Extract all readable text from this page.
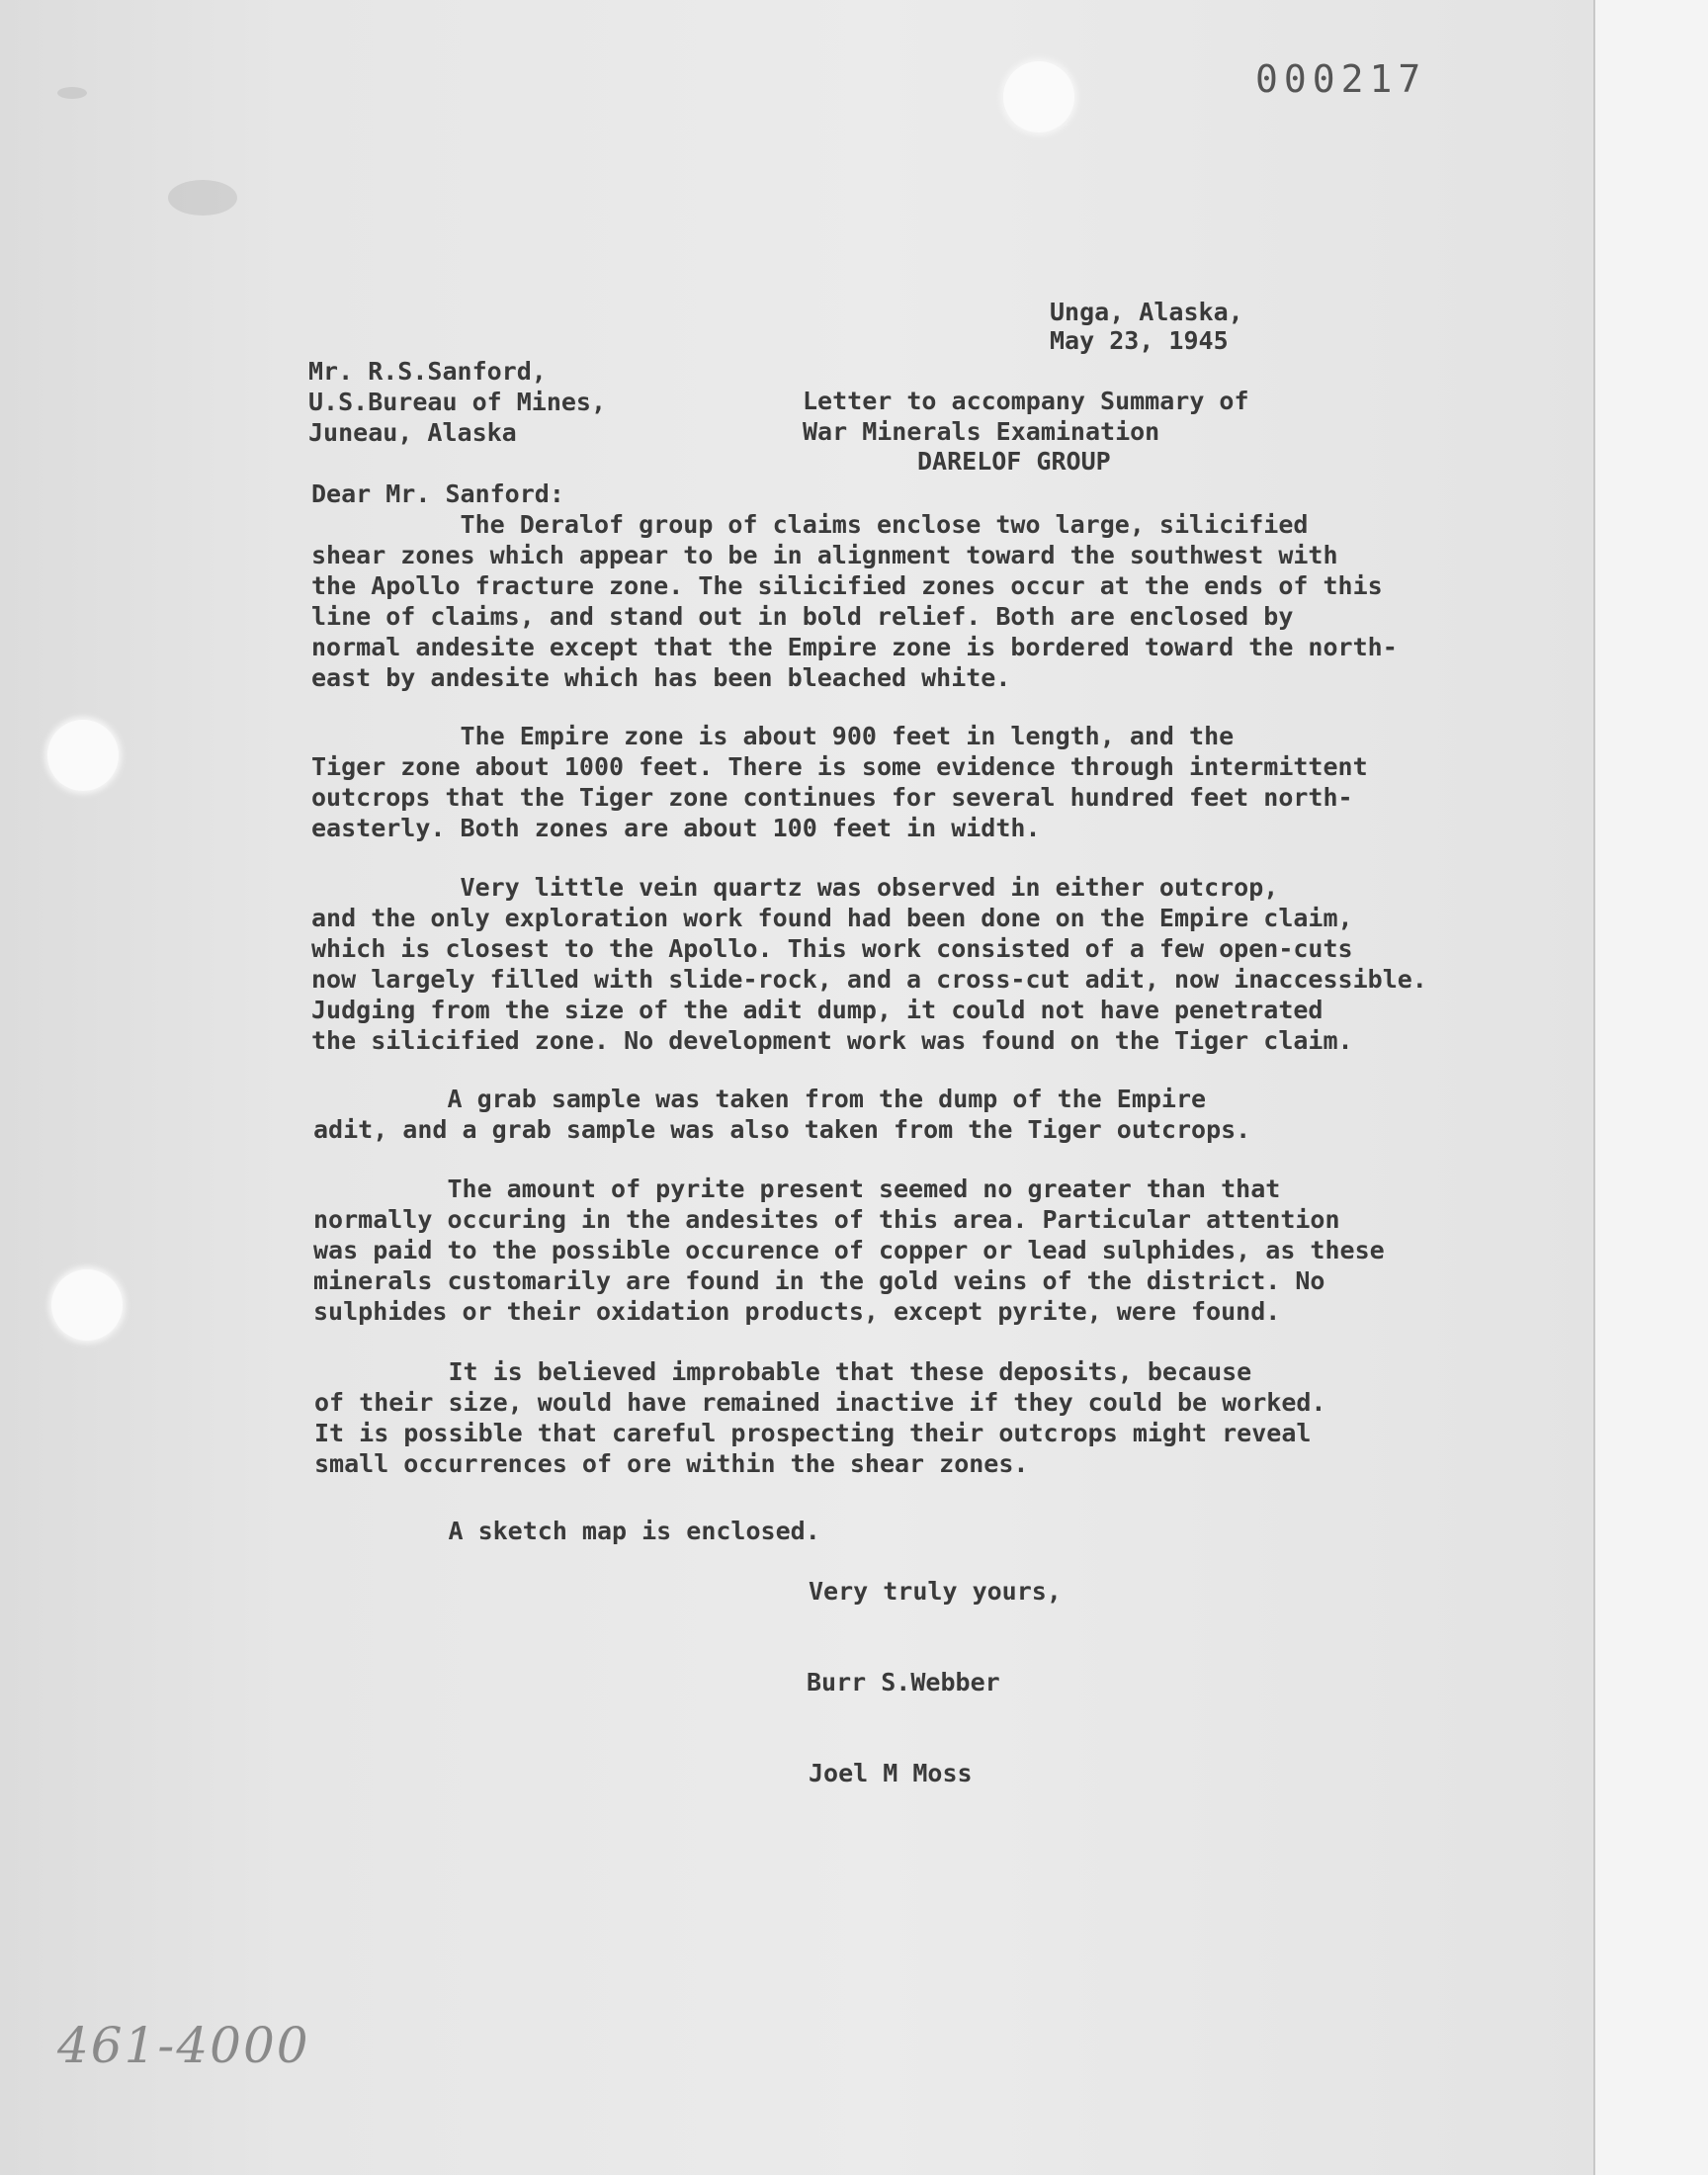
000217

Unga, Alaska,

May 23, 1945

Mr. R.S.Sanford,

U.S.Bureau of Mines,

Juneau, Alaska

Letter to accompany Summary of

War Minerals Examination

DARELOF GROUP

Dear Mr. Sanford:

The Deralof group of claims enclose two large, silicified
shear zones which appear to be in alignment toward the southwest with
the Apollo fracture zone. The silicified zones occur at the ends of this
line of claims, and stand out in bold relief. Both are enclosed by
normal andesite except that the Empire zone is bordered toward the north-
east by andesite which has been bleached white.

The Empire zone is about 900 feet in length, and the
Tiger zone about 1000 feet. There is some evidence through intermittent
outcrops that the Tiger zone continues for several hundred feet north-
easterly. Both zones are about 100 feet in width.

Very little vein quartz was observed in either outcrop,
and the only exploration work found had been done on the Empire claim,
which is closest to the Apollo. This work consisted of a few open-cuts
now largely filled with slide-rock, and a cross-cut adit, now inaccessible.
Judging from the size of the adit dump, it could not have penetrated
the silicified zone. No development work was found on the Tiger claim.

A grab sample was taken from the dump of the Empire
adit, and a grab sample was also taken from the Tiger outcrops.

The amount of pyrite present seemed no greater than that
normally occuring in the andesites of this area. Particular attention
was paid to the possible occurence of copper or lead sulphides, as these
minerals customarily are found in the gold veins of the district. No
sulphides or their oxidation products, except pyrite, were found.

It is believed improbable that these deposits, because
of their size, would have remained inactive if they could be worked.
It is possible that careful prospecting their outcrops might reveal
small occurrences of ore within the shear zones.

A sketch map is enclosed.

Very truly yours,

Burr S.Webber

Joel M Moss

461-4000
